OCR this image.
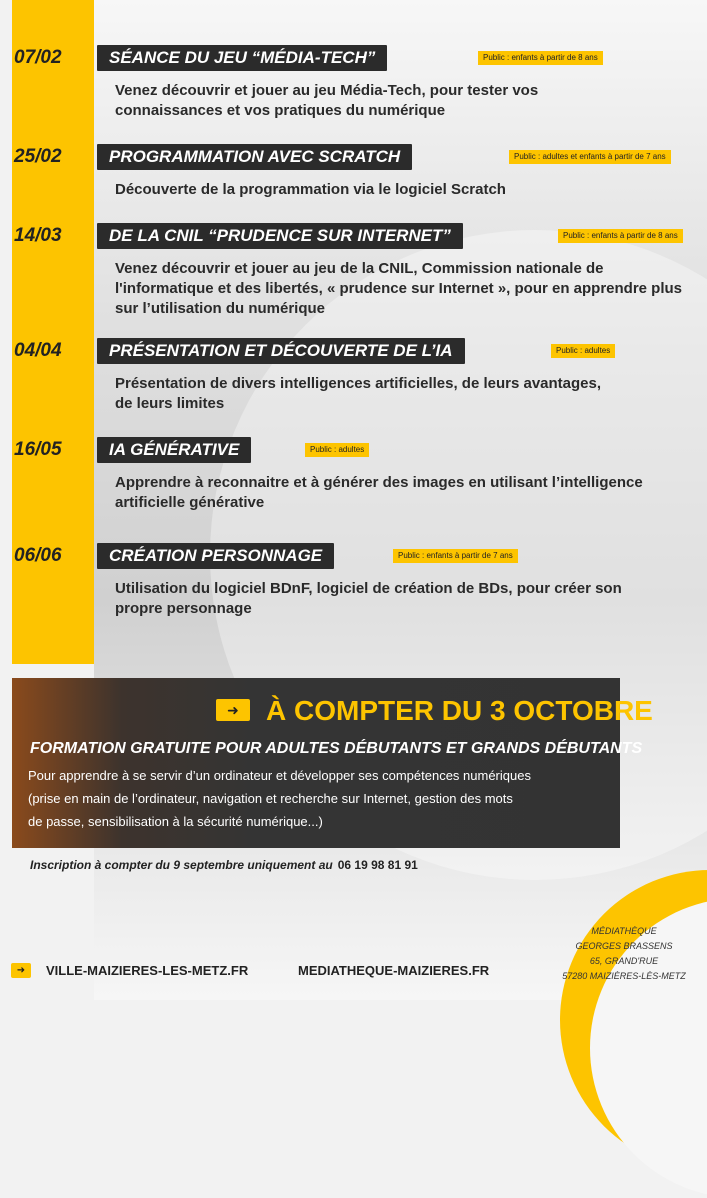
07/02	SÉANCE DU JEU “MÉDIA-TECH”	Public : enfants à partir de 8 ans
Venez découvrir et jouer au jeu Média-Tech, pour tester vos connaissances et vos pratiques du numérique
25/02	PROGRAMMATION AVEC SCRATCH	Public : adultes et enfants à partir de 7 ans
Découverte de la programmation via le logiciel Scratch
14/03	DE LA CNIL “PRUDENCE SUR INTERNET”	Public : enfants à partir de 8 ans
Venez découvrir et jouer au jeu de la CNIL, Commission nationale de l'informatique et des libertés, « prudence sur Internet », pour en apprendre plus sur l’utilisation du numérique
04/04	PRÉSENTATION ET DÉCOUVERTE DE L’IA	Public : adultes
Présentation de divers intelligences artificielles, de leurs avantages, de leurs limites
16/05	IA GÉNÉRATIVE	Public : adultes
Apprendre à reconnaitre et à générer des images en utilisant l’intelligence artificielle générative
06/06	CRÉATION PERSONNAGE	Public : enfants à partir de 7 ans
Utilisation du logiciel BDnF, logiciel de création de BDs, pour créer son propre personnage
➜ À COMPTER DU 3 OCTOBRE
FORMATION GRATUITE POUR ADULTES DÉBUTANTS ET GRANDS DÉBUTANTS
Pour apprendre à se servir d’un ordinateur et développer ses compétences numériques
(prise en main de l’ordinateur, navigation et recherche sur Internet, gestion des mots
de passe, sensibilisation à la sécurité numérique...)
Inscription à compter du 9 septembre uniquement au 06 19 98 81 91
➜	VILLE-MAIZIERES-LES-METZ.FR	MEDIATHEQUE-MAIZIERES.FR
MÉDIATHÈQUE
GEORGES BRASSENS
65, GRAND'RUE
57280 MAIZIÈRES-LÈS-METZ
